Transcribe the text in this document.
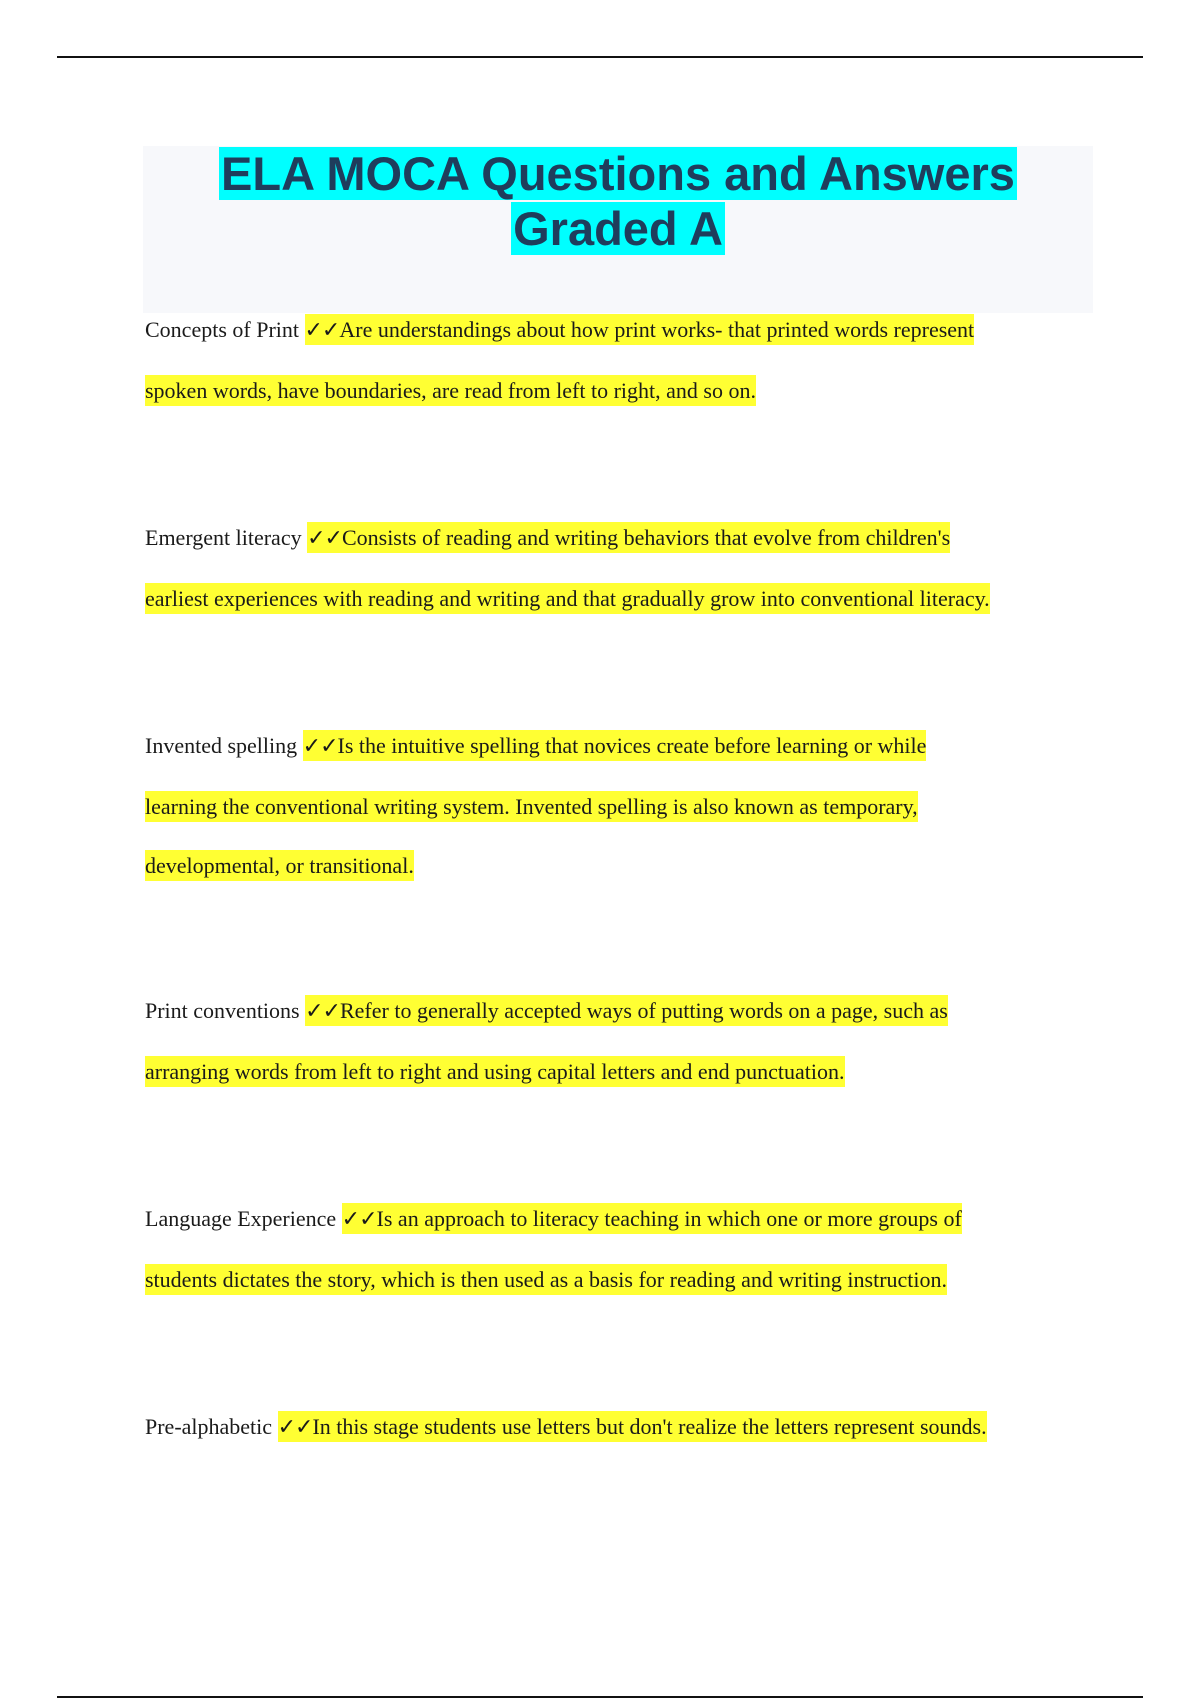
ELA MOCA Questions and Answers
Graded A
Concepts of Print ✓✓Are understandings about how print works- that printed words represent
spoken words, have boundaries, are read from left to right, and so on.
Emergent literacy ✓✓Consists of reading and writing behaviors that evolve from children's
earliest experiences with reading and writing and that gradually grow into conventional literacy.
Invented spelling ✓✓Is the intuitive spelling that novices create before learning or while
learning the conventional writing system. Invented spelling is also known as temporary,
developmental, or transitional.
Print conventions ✓✓Refer to generally accepted ways of putting words on a page, such as
arranging words from left to right and using capital letters and end punctuation.
Language Experience ✓✓Is an approach to literacy teaching in which one or more groups of
students dictates the story, which is then used as a basis for reading and writing instruction.
Pre-alphabetic ✓✓In this stage students use letters but don't realize the letters represent sounds.
